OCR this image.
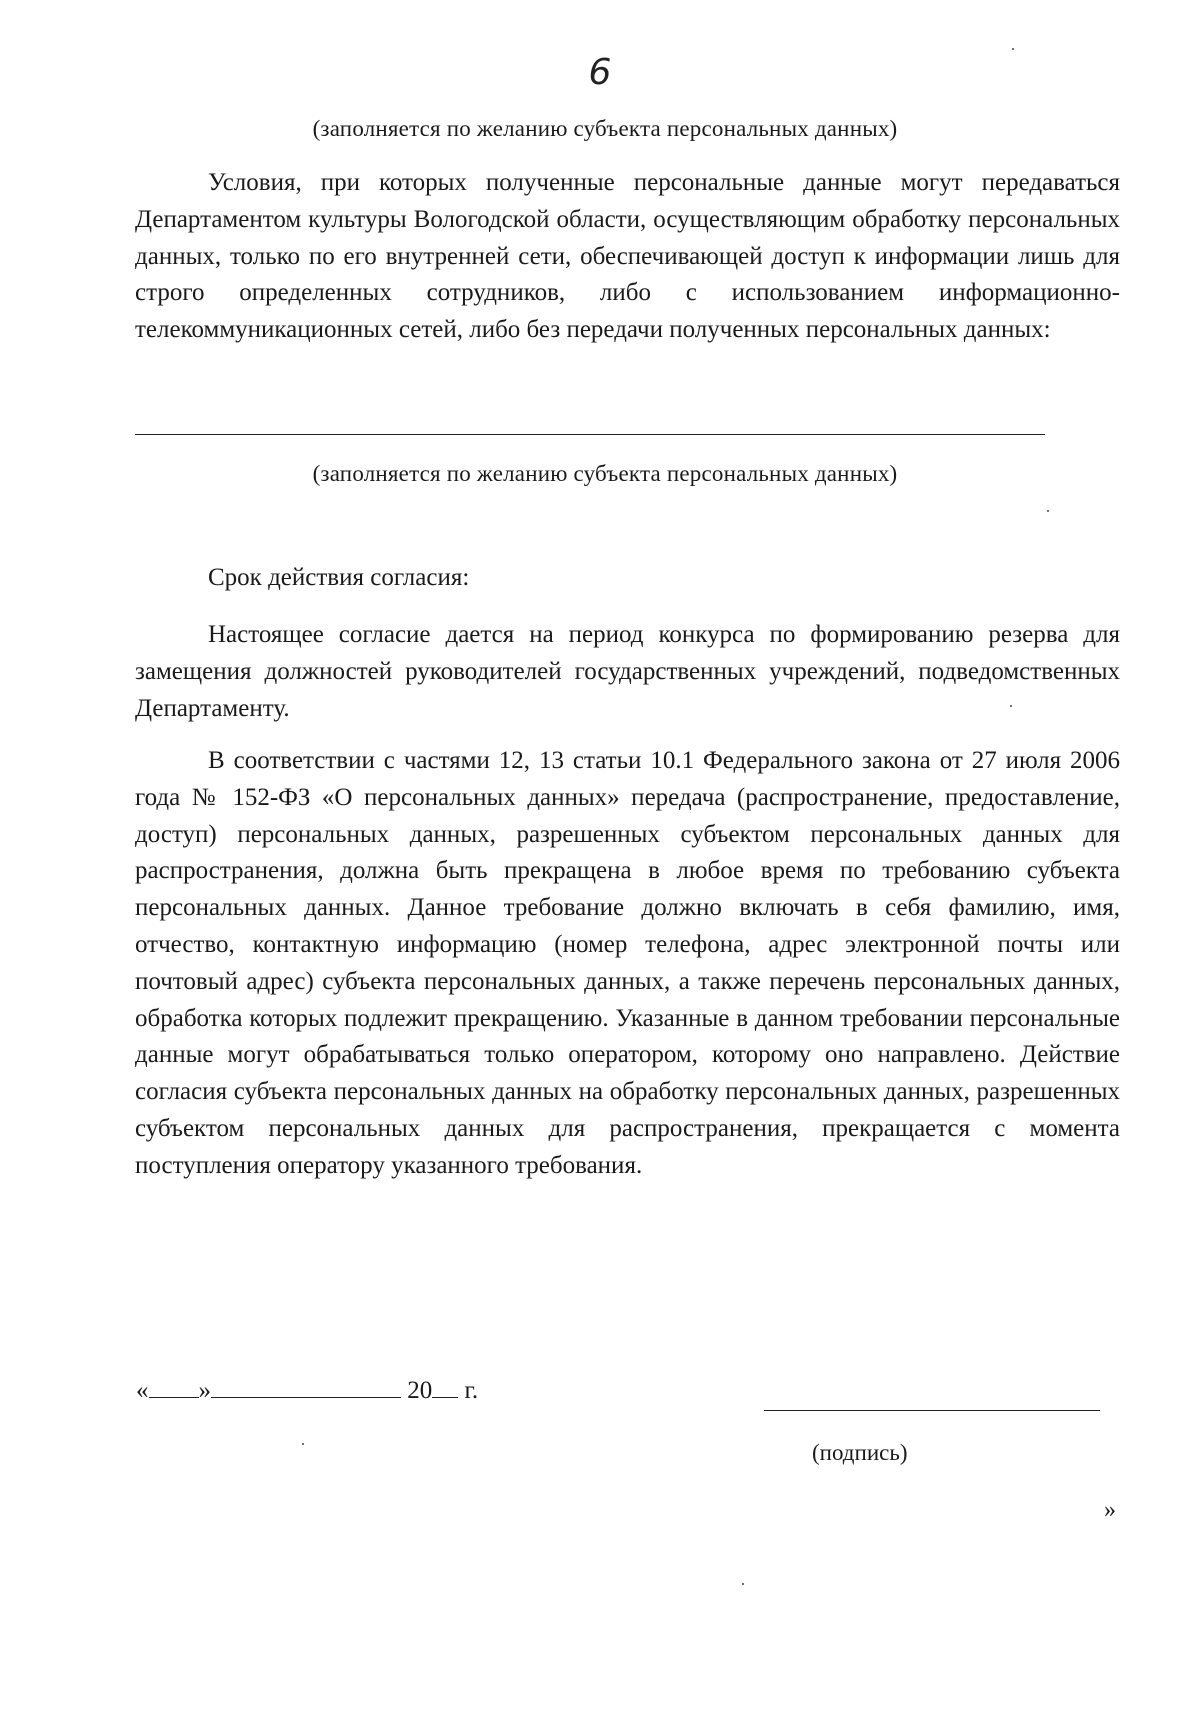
6
(заполняется по желанию субъекта персональных данных)

Условия, при которых полученные персональные данные могут передаваться Департаментом культуры Вологодской области, осуществляющим обработку персональных данных, только по его внутренней сети, обеспечивающей доступ к информации лишь для строго определенных сотрудников, либо с использованием информационно-телекоммуникационных сетей, либо без передачи полученных персональных данных:

(заполняется по желанию субъекта персональных данных)
Срок действия согласия:

Настоящее согласие дается на период конкурса по формированию резерва для замещения должностей руководителей государственных учреждений, подведомственных Департаменту.

В соответствии с частями 12, 13 статьи 10.1 Федерального закона от 27 июля 2006 года № 152-ФЗ «О персональных данных» передача (распространение, предоставление, доступ) персональных данных, разрешенных субъектом персональных данных для распространения, должна быть прекращена в любое время по требованию субъекта персональных данных. Данное требование должно включать в себя фамилию, имя, отчество, контактную информацию (номер телефона, адрес электронной почты или почтовый адрес) субъекта персональных данных, а также перечень персональных данных, обработка которых подлежит прекращению. Указанные в данном требовании персональные данные могут обрабатываться только оператором, которому оно направлено. Действие согласия субъекта персональных данных на обработку персональных данных, разрешенных субъектом персональных данных для распространения, прекращается с момента поступления оператору указанного требования.

« »	20 г.
(подпись)
»
